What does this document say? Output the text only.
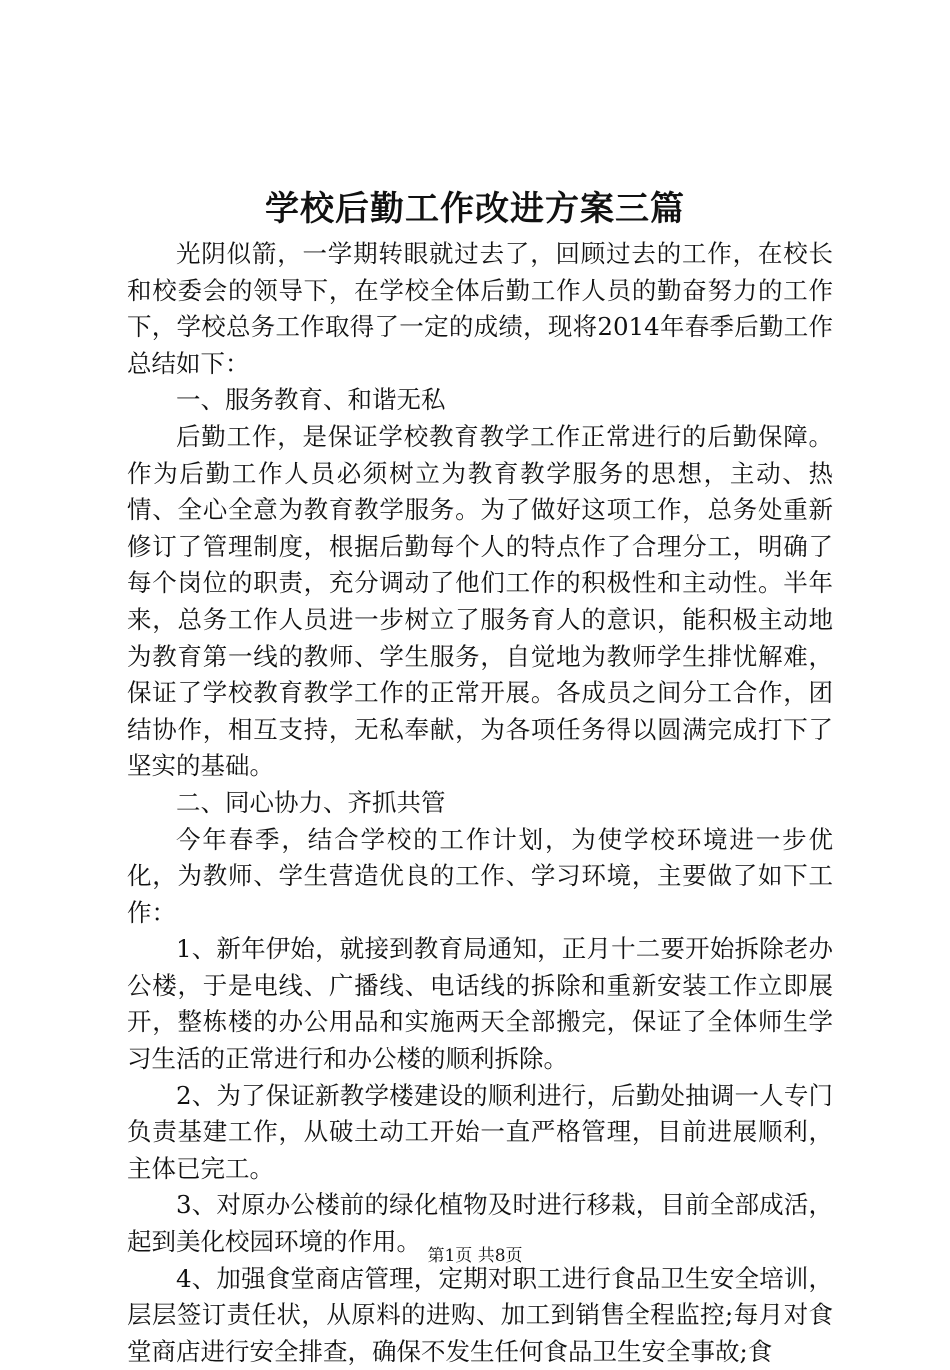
学校后勤工作改进方案三篇

光阴似箭，一学期转眼就过去了，回顾过去的工作，在校长和校委会的领导下，在学校全体后勤工作人员的勤奋努力的工作下，学校总务工作取得了一定的成绩，现将2014年春季后勤工作总结如下：

一、服务教育、和谐无私

后勤工作，是保证学校教育教学工作正常进行的后勤保障。作为后勤工作人员必须树立为教育教学服务的思想，主动、热情、全心全意为教育教学服务。为了做好这项工作，总务处重新修订了管理制度，根据后勤每个人的特点作了合理分工，明确了每个岗位的职责，充分调动了他们工作的积极性和主动性。半年来，总务工作人员进一步树立了服务育人的意识，能积极主动地为教育第一线的教师、学生服务，自觉地为教师学生排忧解难，保证了学校教育教学工作的正常开展。各成员之间分工合作，团结协作，相互支持，无私奉献，为各项任务得以圆满完成打下了坚实的基础。

二、同心协力、齐抓共管

今年春季，结合学校的工作计划，为使学校环境进一步优化，为教师、学生营造优良的工作、学习环境，主要做了如下工作：

1、新年伊始，就接到教育局通知，正月十二要开始拆除老办公楼，于是电线、广播线、电话线的拆除和重新安装工作立即展开，整栋楼的办公用品和实施两天全部搬完，保证了全体师生学习生活的正常进行和办公楼的顺利拆除。

2、为了保证新教学楼建设的顺利进行，后勤处抽调一人专门负责基建工作，从破土动工开始一直严格管理，目前进展顺利，主体已完工。

3、对原办公楼前的绿化植物及时进行移栽，目前全部成活，起到美化校园环境的作用。

4、加强食堂商店管理，定期对职工进行食品卫生安全培训，层层签订责任状，从原料的进购、加工到销售全程监控;每月对食堂商店进行安全排查，确保不发生任何食品卫生安全事故;食

第1页 共8页
